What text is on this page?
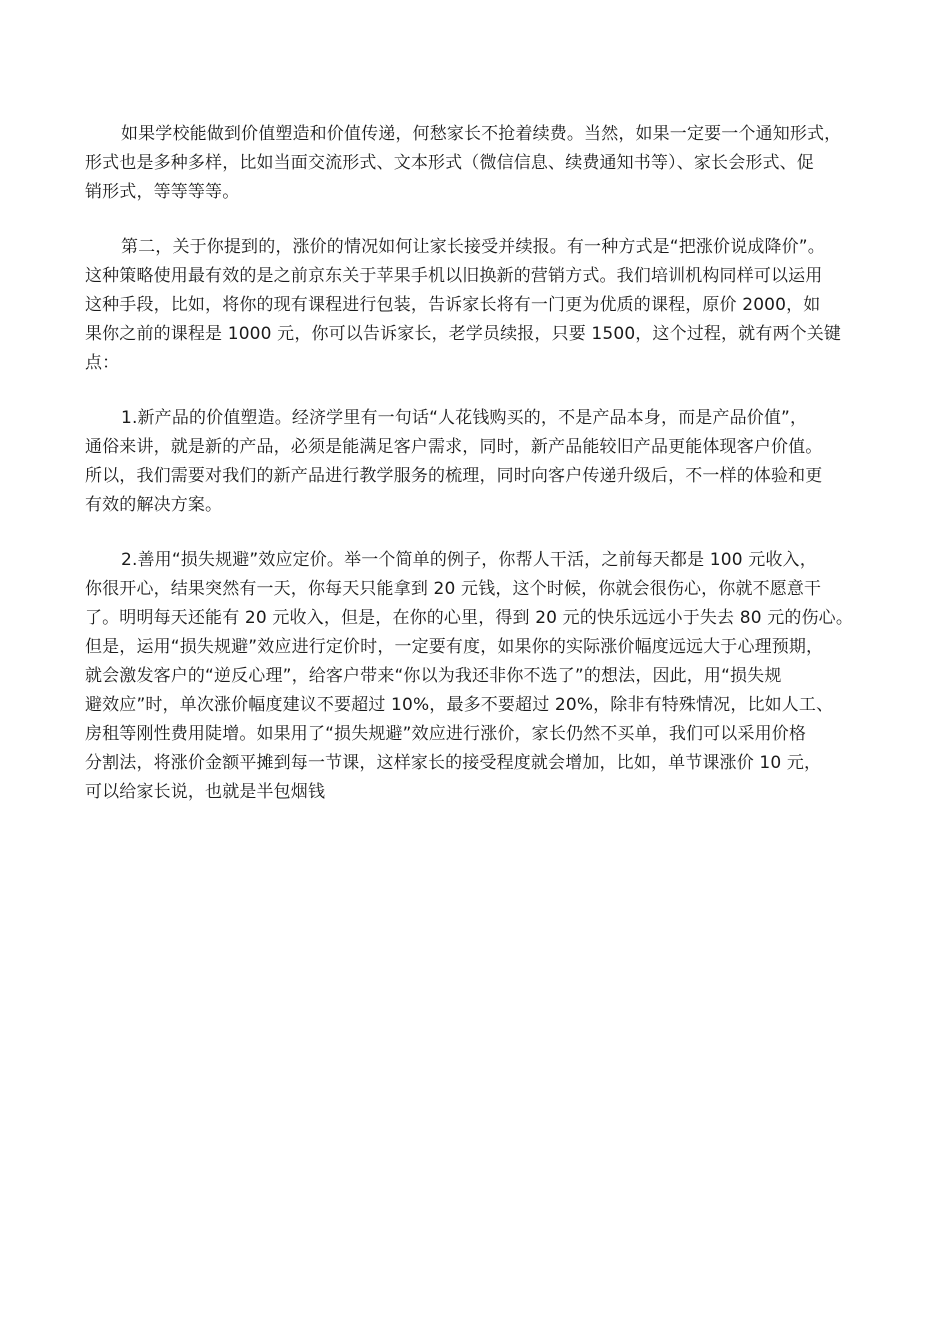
如果学校能做到价值塑造和价值传递，何愁家长不抢着续费。当然，如果一定要一个通知形式，
形式也是多种多样，比如当面交流形式、文本形式（微信信息、续费通知书等）、家长会形式、促
销形式，等等等等。
第二，关于你提到的，涨价的情况如何让家长接受并续报。有一种方式是“把涨价说成降价”。
这种策略使用最有效的是之前京东关于苹果手机以旧换新的营销方式。我们培训机构同样可以运用
这种手段，比如，将你的现有课程进行包装，告诉家长将有一门更为优质的课程，原价 2000，如
果你之前的课程是 1000 元，你可以告诉家长，老学员续报，只要 1500，这个过程，就有两个关键
点：
1.新产品的价值塑造。经济学里有一句话“人花钱购买的，不是产品本身，而是产品价值”，
通俗来讲，就是新的产品，必须是能满足客户需求，同时，新产品能较旧产品更能体现客户价值。
所以，我们需要对我们的新产品进行教学服务的梳理，同时向客户传递升级后，不一样的体验和更
有效的解决方案。
2.善用“损失规避”效应定价。举一个简单的例子，你帮人干活，之前每天都是 100 元收入，
你很开心，结果突然有一天，你每天只能拿到 20 元钱，这个时候，你就会很伤心，你就不愿意干
了。明明每天还能有 20 元收入，但是，在你的心里，得到 20 元的快乐远远小于失去 80 元的伤心。
但是，运用“损失规避”效应进行定价时，一定要有度，如果你的实际涨价幅度远远大于心理预期，
就会激发客户的“逆反心理”，给客户带来“你以为我还非你不选了”的想法，因此，用“损失规
避效应”时，单次涨价幅度建议不要超过 10%，最多不要超过 20%，除非有特殊情况，比如人工、
房租等刚性费用陡增。如果用了“损失规避”效应进行涨价，家长仍然不买单，我们可以采用价格
分割法，将涨价金额平摊到每一节课，这样家长的接受程度就会增加，比如，单节课涨价 10 元，
可以给家长说，也就是半包烟钱
